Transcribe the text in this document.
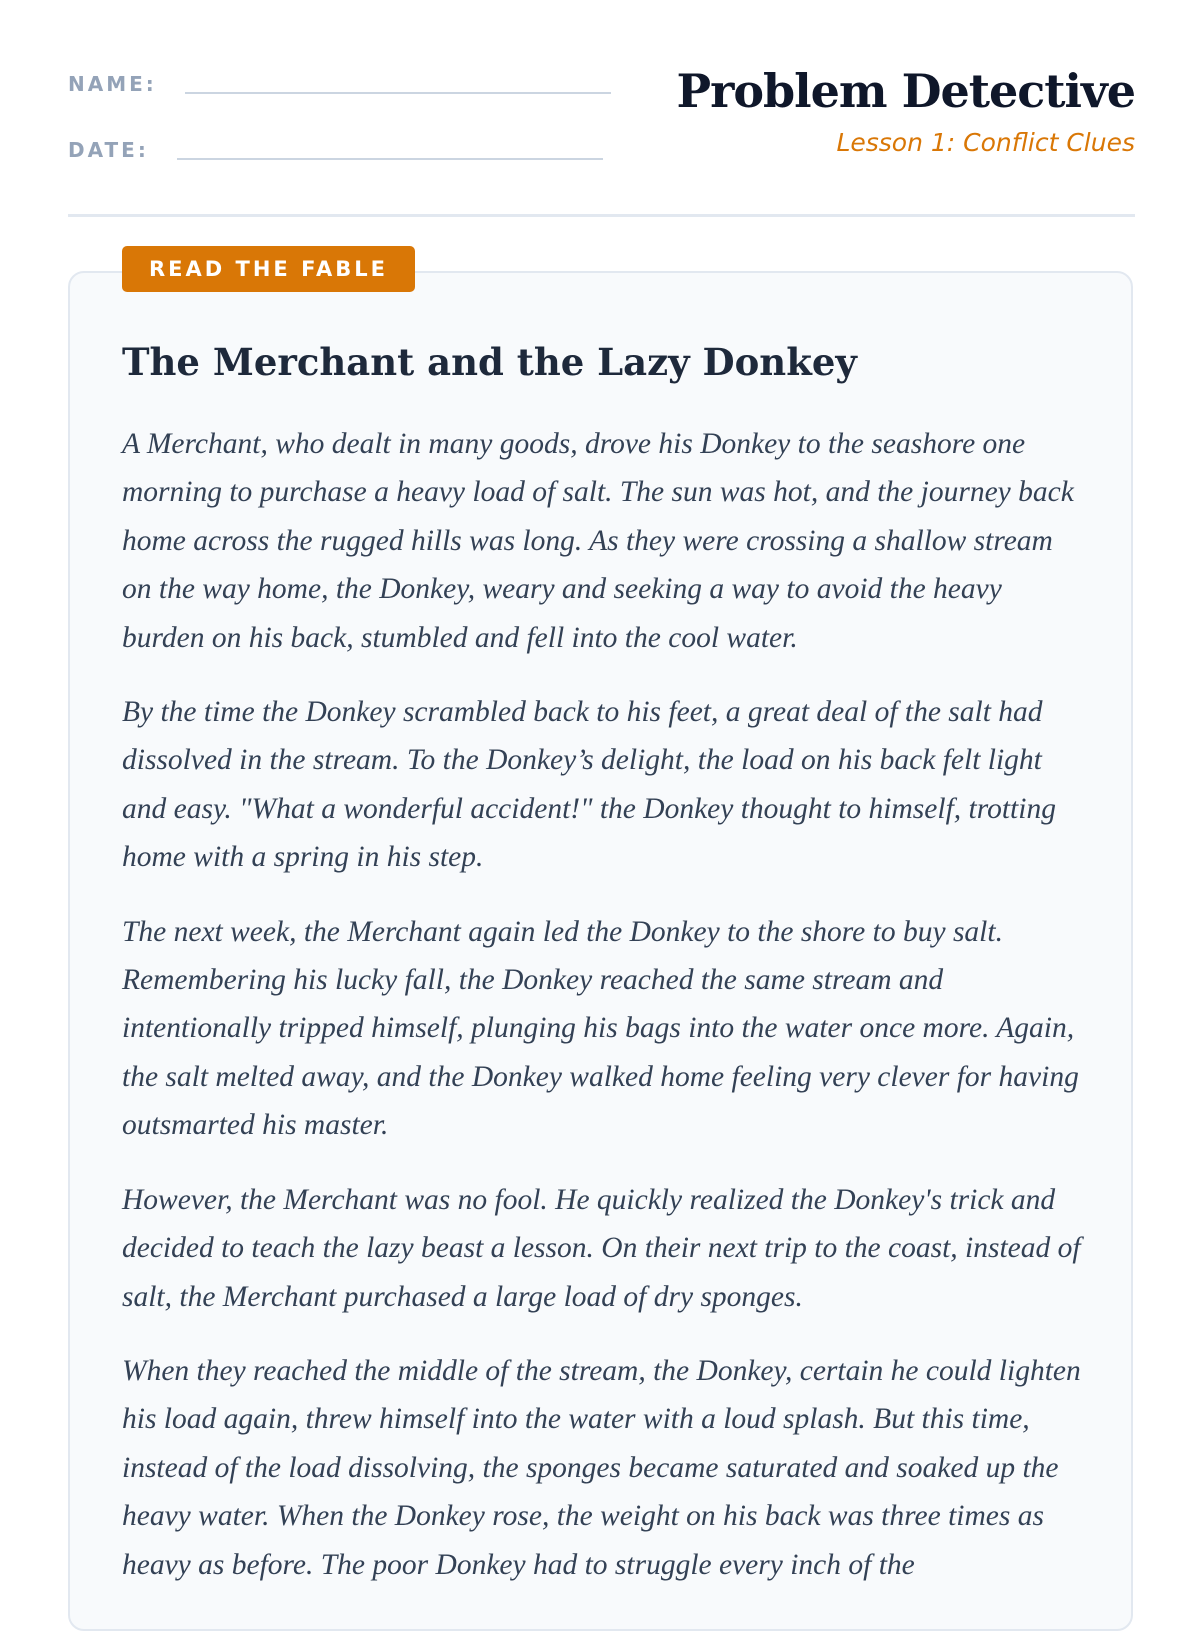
NAME:
DATE:
Problem Detective
Lesson 1: Conflict Clues
READ THE FABLE
The Merchant and the Lazy Donkey

A Merchant, who dealt in many goods, drove his Donkey to the seashore one morning to purchase a heavy load of salt. The sun was hot, and the journey back home across the rugged hills was long. As they were crossing a shallow stream on the way home, the Donkey, weary and seeking a way to avoid the heavy burden on his back, stumbled and fell into the cool water.

By the time the Donkey scrambled back to his feet, a great deal of the salt had dissolved in the stream. To the Donkey’s delight, the load on his back felt light and easy. "What a wonderful accident!" the Donkey thought to himself, trotting home with a spring in his step.

The next week, the Merchant again led the Donkey to the shore to buy salt. Remembering his lucky fall, the Donkey reached the same stream and intentionally tripped himself, plunging his bags into the water once more. Again, the salt melted away, and the Donkey walked home feeling very clever for having outsmarted his master.

However, the Merchant was no fool. He quickly realized the Donkey's trick and decided to teach the lazy beast a lesson. On their next trip to the coast, instead of salt, the Merchant purchased a large load of dry sponges.

When they reached the middle of the stream, the Donkey, certain he could lighten his load again, threw himself into the water with a loud splash. But this time, instead of the load dissolving, the sponges became saturated and soaked up the heavy water. When the Donkey rose, the weight on his back was three times as heavy as before. The poor Donkey had to struggle every inch of the
